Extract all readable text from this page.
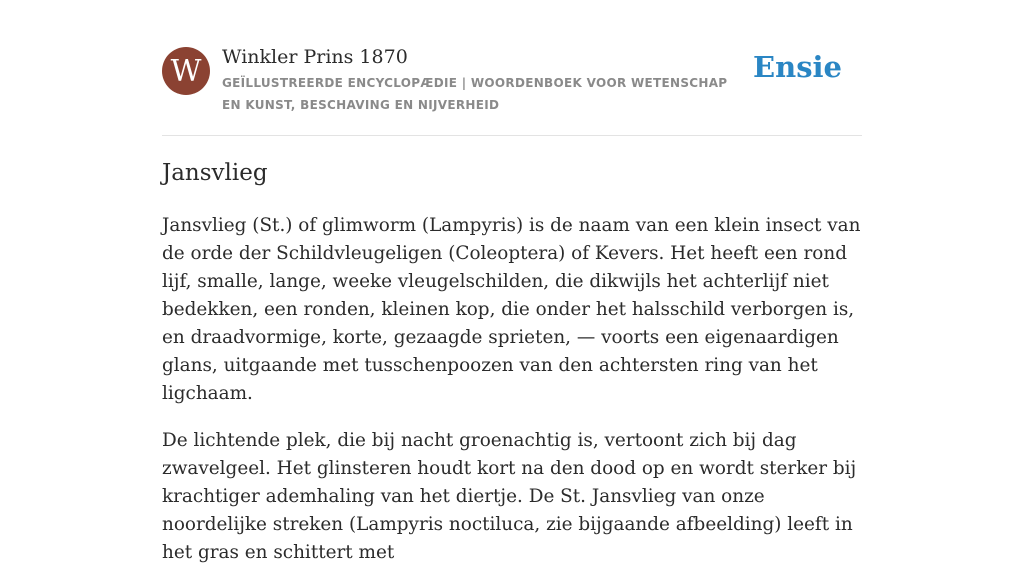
W	Winkler Prins 1870
GEÏLLUSTREERDE ENCYCLOPÆDIE | WOORDENBOEK VOOR WETENSCHAP EN KUNST, BESCHAVING EN NIJVERHEID
Ensie
Jansvlieg

Jansvlieg (St.) of glimworm (Lampyris) is de naam van een klein insect van de orde der Schildvleugeligen (Coleoptera) of Kevers. Het heeft een rond lijf, smalle, lange, weeke vleugelschilden, die dikwijls het achterlijf niet bedekken, een ronden, kleinen kop, die onder het halsschild verborgen is, en draadvormige, korte, gezaagde sprieten, — voorts een eigenaardigen glans, uitgaande met tusschenpoozen van den achtersten ring van het ligchaam.

De lichtende plek, die bij nacht groenachtig is, vertoont zich bij dag zwavelgeel. Het glinsteren houdt kort na den dood op en wordt sterker bij krachtiger ademhaling van het diertje. De St. Jansvlieg van onze noordelijke streken (Lampyris noctiluca, zie bijgaande afbeelding) leeft in het gras en schittert met
